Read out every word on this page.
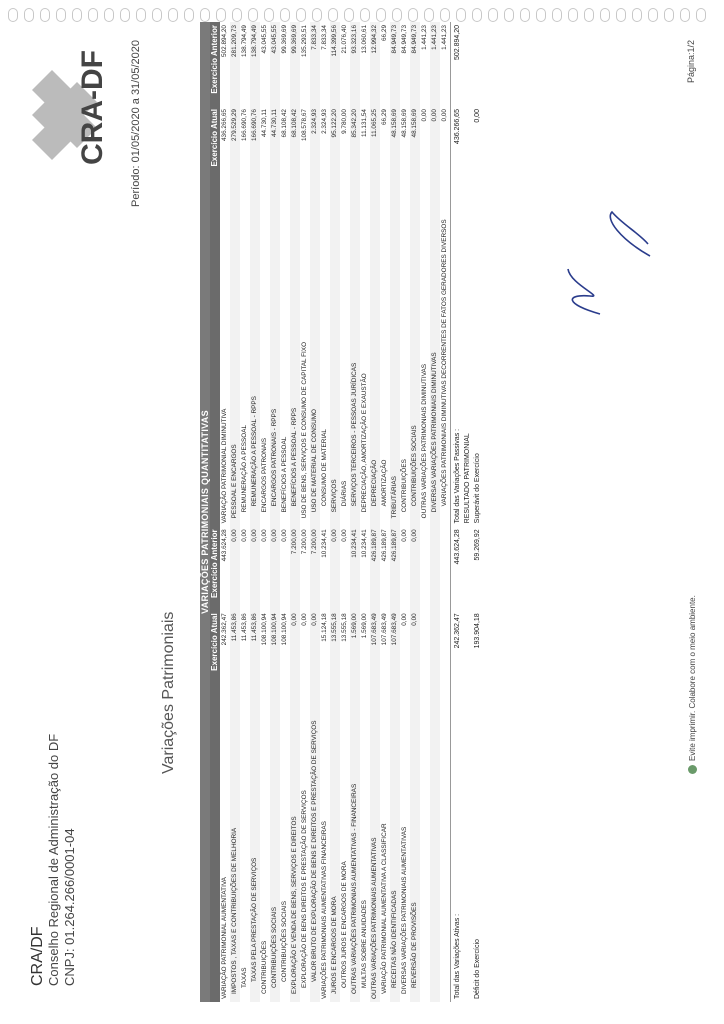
CRA/DF Conselho Regional de Administração do DF CNPJ: 01.264.266/0001-04
CRA-DF
Variações Patrimoniais
Período: 01/05/2020 a 31/05/2020
VARIAÇÕES PATRIMONIAIS QUANTITATIVAS					
	Exercício Atual	Exercício Anterior		Exercício Atual	Exercício Anterior
VARIAÇÃO PATRIMONIAL AUMENTATIVA	242.362,47	443.624,28	VARIAÇÃO PATRIMONIAL DIMINUTIVA	436.266,65	502.894,20
IMPOSTOS , TAXAS E CONTRIBUIÇÕES DE MELHORIA	11.453,86	0,00	PESSOAL E ENCARGOS	279.529,29	281.209,73
TAXAS	11.453,86	0,00	REMUNERAÇÃO A PESSOAL	166.690,76	138.794,49
TAXAS PELA PRESTAÇÃO DE SERVIÇOS	11.453,86	0,00	REMUNERAÇÃO A PESSOAL - RPPS	166.690,76	138.794,49
CONTRIBUIÇÕES	108.100,94	0,00	ENCARGOS PATRONAIS	44.730,11	43.045,55
CONTRIBUIÇÕES SOCIAIS	108.100,94	0,00	ENCARGOS PATRONAIS - RPPS	44.730,11	43.045,55
CONTRIBUIÇÕES SOCIAIS	108.100,94	0,00	BENEFÍCIOS A PESSOAL	68.108,42	99.369,69
EXPLORAÇÃO E VENDA DE BENS, SERVIÇOS E DIREITOS	0,00	7.200,00	BENEFÍCIOS A PESSOAL - RPPS	68.108,42	99.369,69
EXPLORAÇÃO DE BENS DIREITOS E PRESTAÇÃO DE SERVIÇOS	0,00	7.200,00	USO DE BENS, SERVIÇOS E CONSUMO DE CAPITAL FIXO	108.578,67	135.293,51
VALOR BRUTO DE EXPLORAÇÃO DE BENS E DIREITOS E PRESTAÇÃO DE SERVIÇOS	0,00	7.200,00	USO DE MATERIAL DE CONSUMO	2.324,93	7.833,34
VARIAÇÕES PATRIMONIAIS AUMENTATIVAS FINANCEIRAS	15.124,18	10.234,41	CONSUMO DE MATERIAL	2.324,93	7.833,34
JUROS E ENCARGOS DE MORA	13.555,18	0,00	SERVIÇOS	95.122,20	114.399,56
OUTROS JUROS E ENCARGOS DE MORA	13.555,18	0,00	DIÁRIAS	9.780,00	21.076,40
OUTRAS VARIAÇÕES PATRIMONIAIS AUMENTATIVAS - FINANCEIRAS	1.569,00	10.234,41	SERVIÇOS TERCEIROS - PESSOAS JURÍDICAS	85.342,20	93.323,16
MULTAS SOBRE ANUIDADES	1.569,00	10.234,41	DEPRECIAÇÃO, AMORTIZAÇÃO E EXAUSTÃO	11.131,54	13.060,61
OUTRAS VARIAÇÕES PATRIMONIAIS AUMENTATIVAS	107.683,49	426.189,87	DEPRECIAÇÃO	11.065,25	12.994,32
VARIAÇÃO PATRIMONIAL AUMENTATIVA A CLASSIFICAR	107.683,49	426.189,87	AMORTIZAÇÃO	66,29	66,29
RECEITAS NÃO IDENTIFICADAS	107.683,49	426.189,87	TRIBUTÁRIAS	48.158,69	84.949,73
DIVERSAS VARIAÇÕES PATRIMONIAIS AUMENTATIVAS	0,00	0,00	CONTRIBUIÇÕES	48.158,69	84.949,73
REVERSÃO DE PROVISÕES	0,00	0,00	CONTRIBUIÇÕES SOCIAIS	48.158,69	84.949,73
			OUTRAS VARIAÇÕES PATRIMONIAIS DIMINUTIVAS	0,00	1.441,23
			DIVERSAS VARIAÇÕES PATRIMONIAIS DIMINUTIVAS	0,00	1.441,23
			VARIAÇÕES PATRIMONIAIS DIMINUTIVAS DECORRENTES DE FATOS GERADORES DIVERSOS	0,00	1.441,23
Total das Variações Ativas :	242.362,47	443.624,28	Total das Variações Passivas :	436.266,65	502.894,20
			RESULTADO PATRIMONIAL		
Déficit do Exercício	193.904,18	59.269,92	Superávit do Exercício	0,00	
Evite imprimir. Colabore com o meio ambiente.
Página:1/2
